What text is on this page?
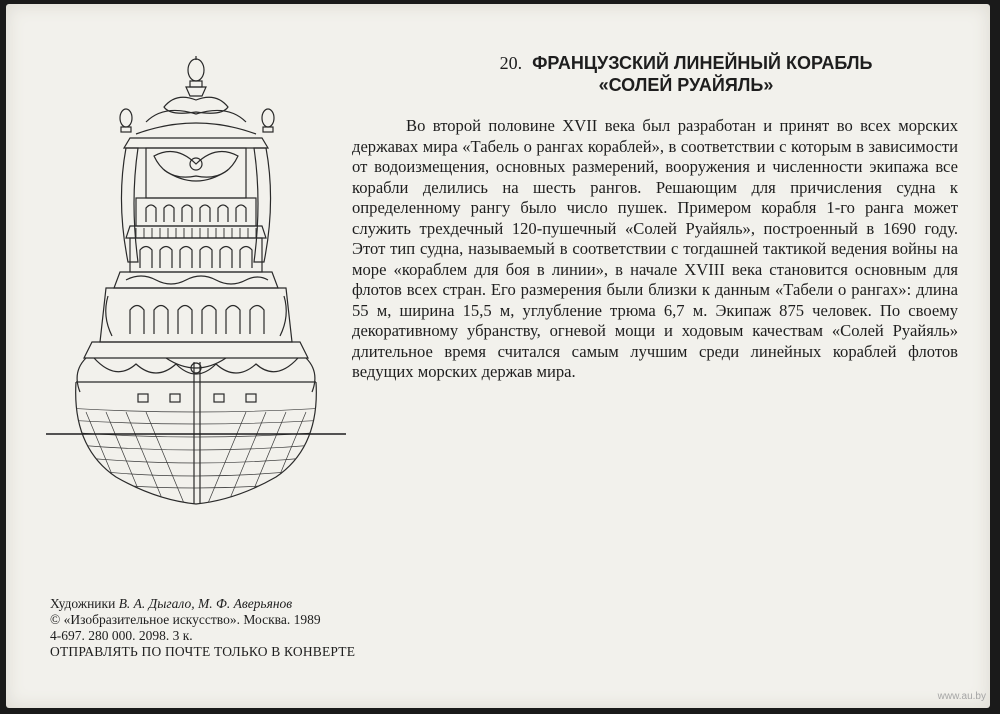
20. ФРАНЦУЗСКИЙ ЛИНЕЙНЫЙ КОРАБЛЬ
«СОЛЕЙ РУАЙЯЛЬ»

Во второй половине XVII века был разработан и принят во всех морских державах мира «Табель о рангах кораблей», в соответствии с которым в зависимости от водоизмещения, основных размерений, вооружения и численности экипажа все корабли делились на шесть рангов. Решающим для причисления судна к определенному рангу было число пушек. Примером корабля 1-го ранга может служить трехдечный 120-пушечный «Солей Руайяль», построенный в 1690 году. Этот тип судна, называемый в соответствии с тогдашней тактикой ведения войны на море «кораблем для боя в линии», в начале XVIII века становится основным для флотов всех стран. Его размерения были близки к данным «Табели о рангах»: длина 55 м, ширина 15,5 м, углубление трюма 6,7 м. Экипаж 875 человек. По своему декоративному убранству, огневой мощи и ходовым качествам «Солей Руайяль» длительное время считался самым лучшим среди линейных кораблей флотов ведущих морских держав мира.

Художники В. А. Дыгало, М. Ф. Аверьянов
© «Изобразительное искусство». Москва. 1989
4-697. 280 000. 2098. 3 к.
ОТПРАВЛЯТЬ ПО ПОЧТЕ ТОЛЬКО В КОНВЕРТЕ
www.au.by
